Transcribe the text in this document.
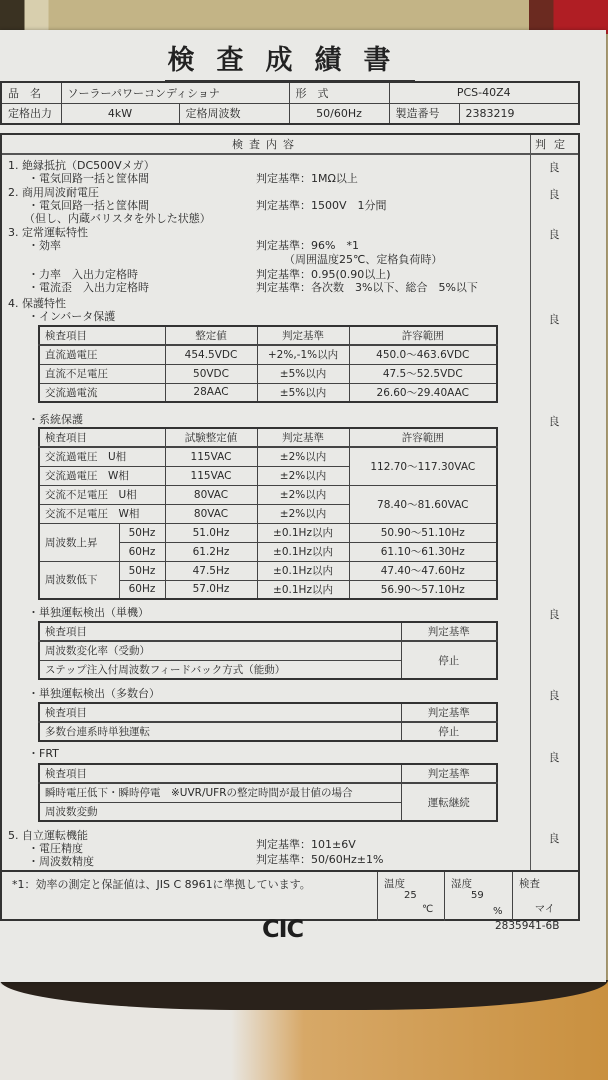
検査成績書
品　名	ソーラーパワーコンディショナ		形　式	PCS-40Z4	
定格出力	4kW	定格周波数	50/60Hz	製造番号	2383219
検査内容	判定
1. 絶縁抵抗（DC500Vメガ）
・電気回路一括と筐体間	判定基準：1MΩ以上
良
2. 商用周波耐電圧
・電気回路一括と筐体間	判定基準：1500V　1分間
（但し、内蔵バリスタを外した状態）
良
3. 定常運転特性
・効率	判定基準：96%　*1
（周囲温度25℃、定格負荷時）
・力率　入出力定格時	判定基準：0.95(0.90以上)
・電流歪　入出力定格時	判定基準：各次数　3%以下、総合　5%以下
良
4. 保護特性
・インバータ保護	良
検査項目	整定値	判定基準	許容範囲
直流過電圧	454.5VDC	+2%,-1%以内	450.0〜463.6VDC
直流不足電圧	50VDC	±5%以内	47.5〜52.5VDC
交流過電流	28AAC	±5%以内	26.60〜29.40AAC
・系統保護	良
検査項目		試験整定値	判定基準	許容範囲
交流過電圧　U相		115VAC	±2%以内	112.70〜117.30VAC
交流過電圧　W相		115VAC	±2%以内	
交流不足電圧　U相		80VAC	±2%以内	78.40〜81.60VAC
交流不足電圧　W相		80VAC	±2%以内	
周波数上昇	50Hz	51.0Hz	±0.1Hz以内	50.90〜51.10Hz
	60Hz	61.2Hz	±0.1Hz以内	61.10〜61.30Hz
周波数低下	50Hz	47.5Hz	±0.1Hz以内	47.40〜47.60Hz
	60Hz	57.0Hz	±0.1Hz以内	56.90〜57.10Hz
・単独運転検出（単機）	良
検査項目	判定基準
周波数変化率（受動）	停止
ステップ注入付周波数フィードバック方式（能動）	
・単独運転検出（多数台）	良
検査項目	判定基準
多数台連系時単独運転	停止
・FRT	良
検査項目	判定基準
瞬時電圧低下・瞬時停電　※UVR/UFRの整定時間が最甘値の場合	運転継続
周波数変動	
5. 自立運転機能
・電圧精度	判定基準：101±6V
・周波数精度	判定基準：50/60Hz±1%
良
*1：効率の測定と保証値は、JIS C 8961に準拠しています。	温度
25
℃
湿度
59
%
検査
マイ
CIC	2835941-6B
